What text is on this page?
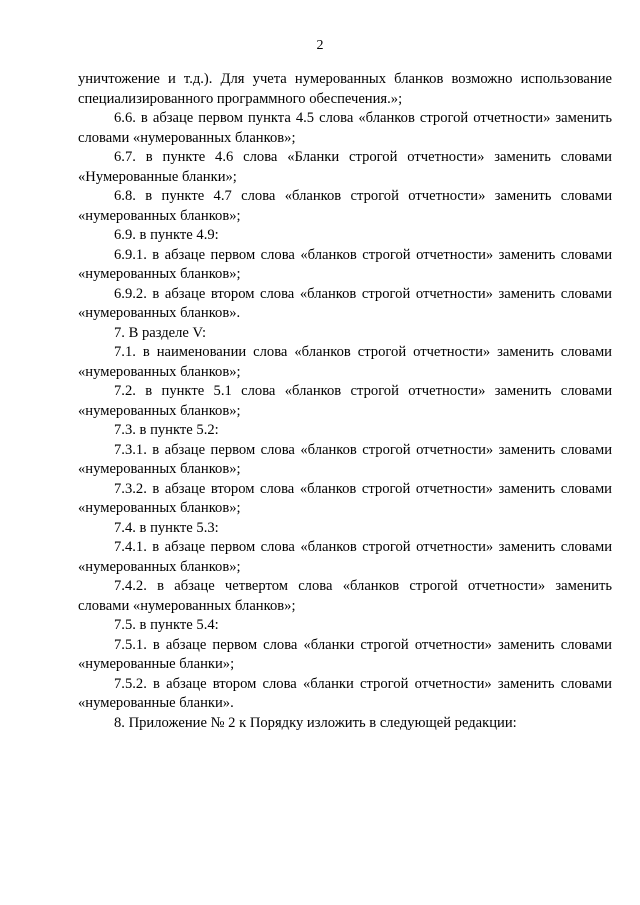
2

уничтожение и т.д.). Для учета нумерованных бланков возможно использование специализированного программного обеспечения.»;

6.6. в абзаце первом пункта 4.5 слова «бланков строгой отчетности» заменить словами «нумерованных бланков»;

6.7. в пункте 4.6 слова «Бланки строгой отчетности» заменить словами «Нумерованные бланки»;

6.8. в пункте 4.7 слова «бланков строгой отчетности» заменить словами «нумерованных бланков»;

6.9. в пункте 4.9:

6.9.1. в абзаце первом слова «бланков строгой отчетности» заменить словами «нумерованных бланков»;

6.9.2. в абзаце втором слова «бланков строгой отчетности» заменить словами «нумерованных бланков».

7. В разделе V:

7.1. в наименовании слова «бланков строгой отчетности» заменить словами «нумерованных бланков»;

7.2. в пункте 5.1 слова «бланков строгой отчетности» заменить словами «нумерованных бланков»;

7.3. в пункте 5.2:

7.3.1. в абзаце первом слова «бланков строгой отчетности» заменить словами «нумерованных бланков»;

7.3.2. в абзаце втором слова «бланков строгой отчетности» заменить словами «нумерованных бланков»;

7.4. в пункте 5.3:

7.4.1. в абзаце первом слова «бланков строгой отчетности» заменить словами «нумерованных бланков»;

7.4.2. в абзаце четвертом слова «бланков строгой отчетности» заменить словами «нумерованных бланков»;

7.5. в пункте 5.4:

7.5.1. в абзаце первом слова «бланки строгой отчетности» заменить словами «нумерованные бланки»;

7.5.2. в абзаце втором слова «бланки строгой отчетности» заменить словами «нумерованные бланки».

8. Приложение № 2 к Порядку изложить в следующей редакции:
